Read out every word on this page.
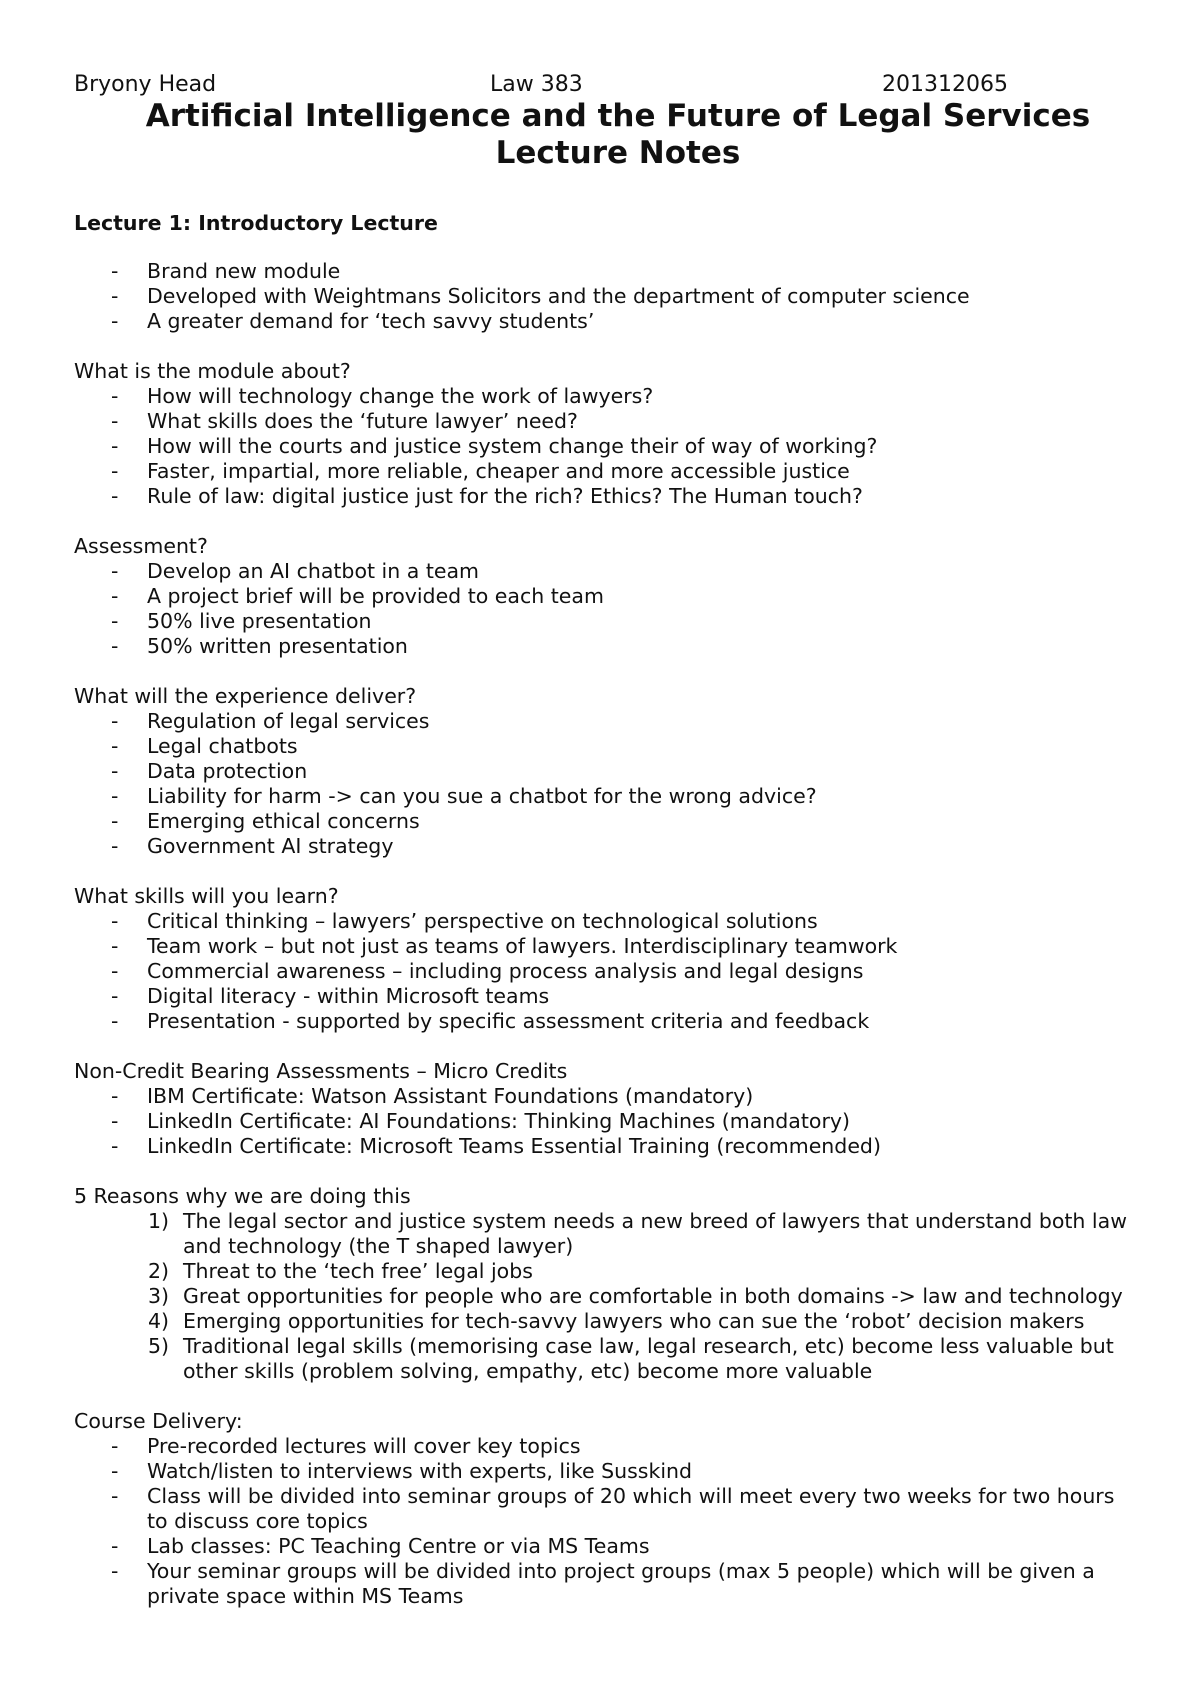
Bryony Head	Law 383	201312065
Artificial Intelligence and the Future of Legal Services
Lecture Notes
Lecture 1: Introductory Lecture
- Brand new module
- Developed with Weightmans Solicitors and the department of computer science
- A greater demand for ‘tech savvy students’
What is the module about?
- How will technology change the work of lawyers?
- What skills does the ‘future lawyer’ need?
- How will the courts and justice system change their of way of working?
- Faster, impartial, more reliable, cheaper and more accessible justice
- Rule of law: digital justice just for the rich? Ethics? The Human touch?
Assessment?
- Develop an AI chatbot in a team
- A project brief will be provided to each team
- 50% live presentation
- 50% written presentation
What will the experience deliver?
- Regulation of legal services
- Legal chatbots
- Data protection
- Liability for harm -> can you sue a chatbot for the wrong advice?
- Emerging ethical concerns
- Government AI strategy
What skills will you learn?
- Critical thinking – lawyers’ perspective on technological solutions
- Team work – but not just as teams of lawyers. Interdisciplinary teamwork
- Commercial awareness – including process analysis and legal designs
- Digital literacy - within Microsoft teams
- Presentation - supported by specific assessment criteria and feedback
Non-Credit Bearing Assessments – Micro Credits
- IBM Certificate: Watson Assistant Foundations (mandatory)
- LinkedIn Certificate: AI Foundations: Thinking Machines (mandatory)
- LinkedIn Certificate: Microsoft Teams Essential Training (recommended)
5 Reasons why we are doing this
1) The legal sector and justice system needs a new breed of lawyers that understand both law and technology (the T shaped lawyer)
2) Threat to the ‘tech free’ legal jobs
3) Great opportunities for people who are comfortable in both domains -> law and technology
4) Emerging opportunities for tech-savvy lawyers who can sue the ‘robot’ decision makers
5) Traditional legal skills (memorising case law, legal research, etc) become less valuable but other skills (problem solving, empathy, etc) become more valuable
Course Delivery:
- Pre-recorded lectures will cover key topics
- Watch/listen to interviews with experts, like Susskind
- Class will be divided into seminar groups of 20 which will meet every two weeks for two hours to discuss core topics
- Lab classes: PC Teaching Centre or via MS Teams
- Your seminar groups will be divided into project groups (max 5 people) which will be given a private space within MS Teams
